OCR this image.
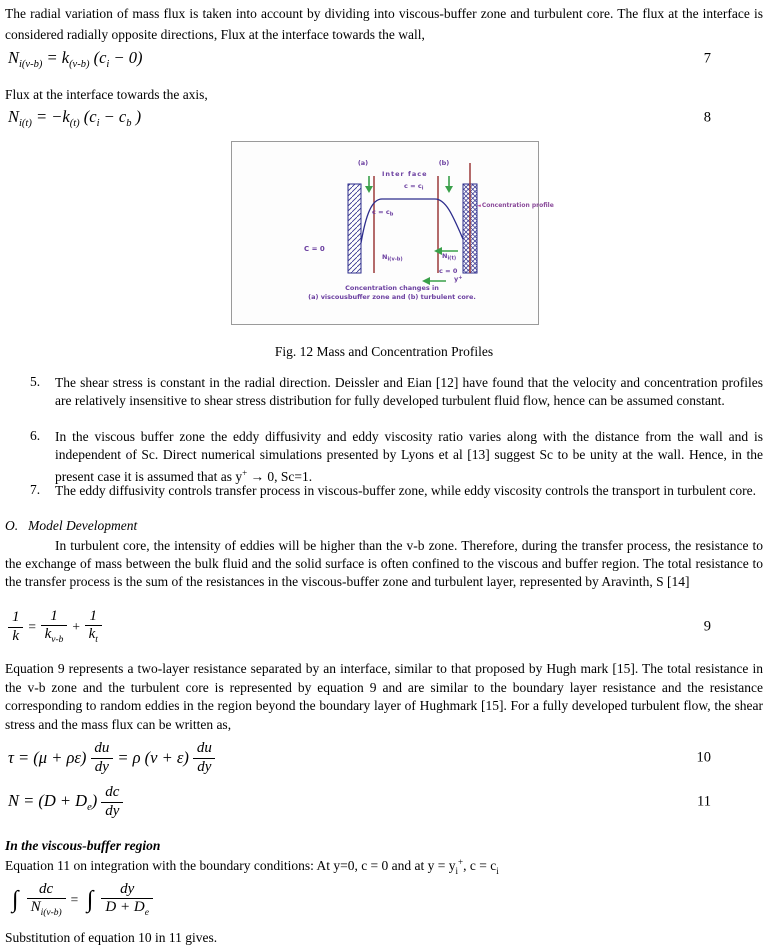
The radial variation of mass flux is taken into account by dividing into viscous-buffer zone and turbulent core. The flux at the interface is considered radially opposite directions, Flux at the interface towards the wall,
$N_{i(v-b)} = k_{(v-b)}$ $(c_i - 0)$	7
Flux at the interface towards the axis,
$N_{i(t)} = -k_{(t)}$ ($c_i - c_b$ )	8
(a)	(b)
Inter face
$c = c_i$
$c = c_b$
C = 0
$N_{i(v-b)}$	$N_{i(t)}$
c = 0
y+
◄Concentration profile
Concentration changes in
(a) viscousbuffer zone and (b) turbulent core.
Fig. 12 Mass and Concentration Profiles
5.	The shear stress is constant in the radial direction. Deissler and Eian [12] have found that the velocity and concentration profiles are relatively insensitive to shear stress distribution for fully developed turbulent fluid flow, hence can be assumed constant.
6.	In the viscous buffer zone the eddy diffusivity and eddy viscosity ratio varies along with the distance from the wall and is independent of Sc. Direct numerical simulations presented by Lyons et al [13] suggest Sc to be unity at the wall. Hence, in the present case it is assumed that as y+ → 0, Sc=1.
7.	The eddy diffusivity controls transfer process in viscous-buffer zone, while eddy viscosity controls the transport in turbulent core.
O. Model Development
In turbulent core, the intensity of eddies will be higher than the v-b zone. Therefore, during the transfer process, the resistance to the exchange of mass between the bulk fluid and the solid surface is often confined to the viscous and buffer region. The total resistance to the transfer process is the sum of the resistances in the viscous-buffer zone and turbulent layer, represented by Aravinth, S [14]
$\frac{1}{k} = \frac{1}{k_{v-b}} + \frac{1}{k_t}$	9
Equation 9 represents a two-layer resistance separated by an interface, similar to that proposed by Hugh mark [15]. The total resistance in the v-b zone and the turbulent core is represented by equation 9 and are similar to the boundary layer resistance and the resistance corresponding to random eddies in the region beyond the boundary layer of Hughmark [15]. For a fully developed turbulent flow, the shear stress and the mass flux can be written as,
$\tau = (\mu + \rho\varepsilon) \frac{du}{dy} = \rho$ $(\nu + \varepsilon) \frac{du}{dy}$	10
$N = (D + D_e) \frac{dc}{dy}$	11
In the viscous-buffer region
Equation 11 on integration with the boundary conditions: At y=0, c = 0 and at $y = y_i^+$, $c = c_i$
∫ $\frac{dc}{N_{i(v-b)}}$ = ∫ $\frac{dy}{D + D_e}$
Substitution of equation 10 in 11 gives.
